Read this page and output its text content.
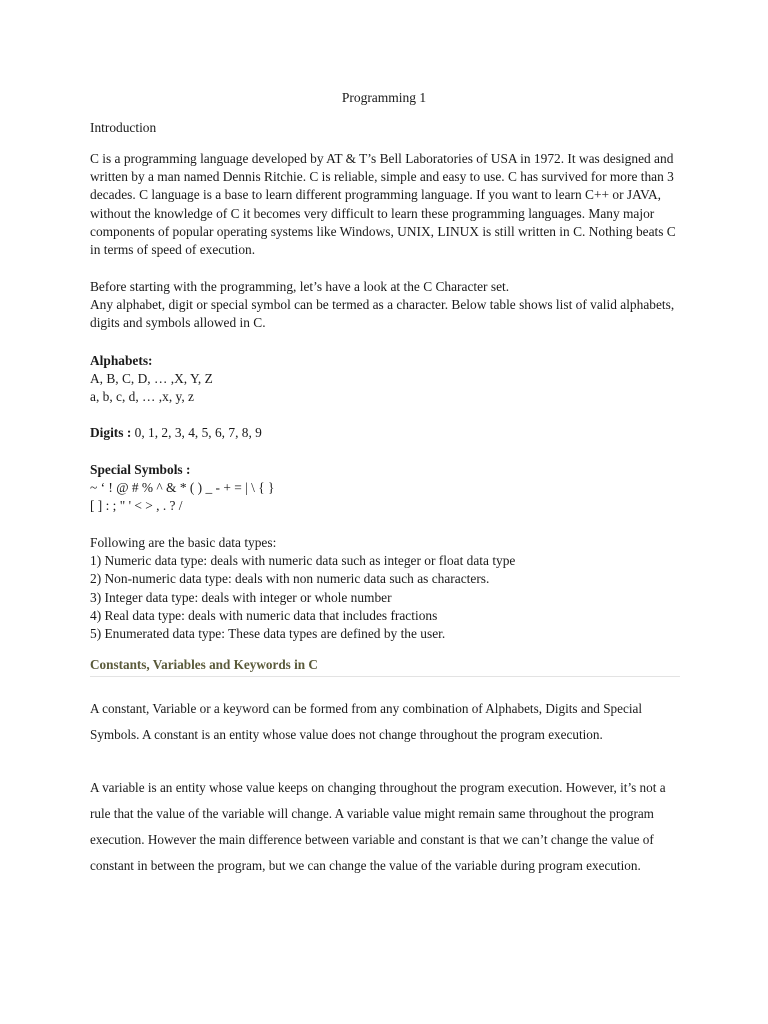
Programming 1
Introduction

C is a programming language developed by AT & T’s Bell Laboratories of USA in 1972. It was designed and written by a man named Dennis Ritchie. C is reliable, simple and easy to use. C has survived for more than 3 decades. C language is a base to learn different programming language. If you want to learn C++ or JAVA, without the knowledge of C it becomes very difficult to learn these programming languages. Many major components of popular operating systems like Windows, UNIX, LINUX is still written in C. Nothing beats C in terms of speed of execution.

Before starting with the programming, let’s have a look at the C Character set.

Any alphabet, digit or special symbol can be termed as a character. Below table shows list of valid alphabets, digits and symbols allowed in C.

Alphabets:

A, B, C, D, … ,X, Y, Z

a, b, c, d, … ,x, y, z

Digits : 0, 1, 2, 3, 4, 5, 6, 7, 8, 9

Special Symbols :

~ ‘ ! @ # % ^ & * ( ) _ - + = | \ { }

[ ] : ; " ' < > , . ? /

Following are the basic data types:

1) Numeric data type: deals with numeric data such as integer or float data type

2) Non-numeric data type: deals with non numeric data such as characters.

3) Integer data type: deals with integer or whole number

4) Real data type: deals with numeric data that includes fractions

5) Enumerated data type: These data types are defined by the user.

Constants, Variables and Keywords in C

A constant, Variable or a keyword can be formed from any combination of Alphabets, Digits and Special Symbols. A constant is an entity whose value does not change throughout the program execution.

A variable is an entity whose value keeps on changing throughout the program execution. However, it’s not a rule that the value of the variable will change. A variable value might remain same throughout the program execution. However the main difference between variable and constant is that we can’t change the value of constant in between the program, but we can change the value of the variable during program execution.
